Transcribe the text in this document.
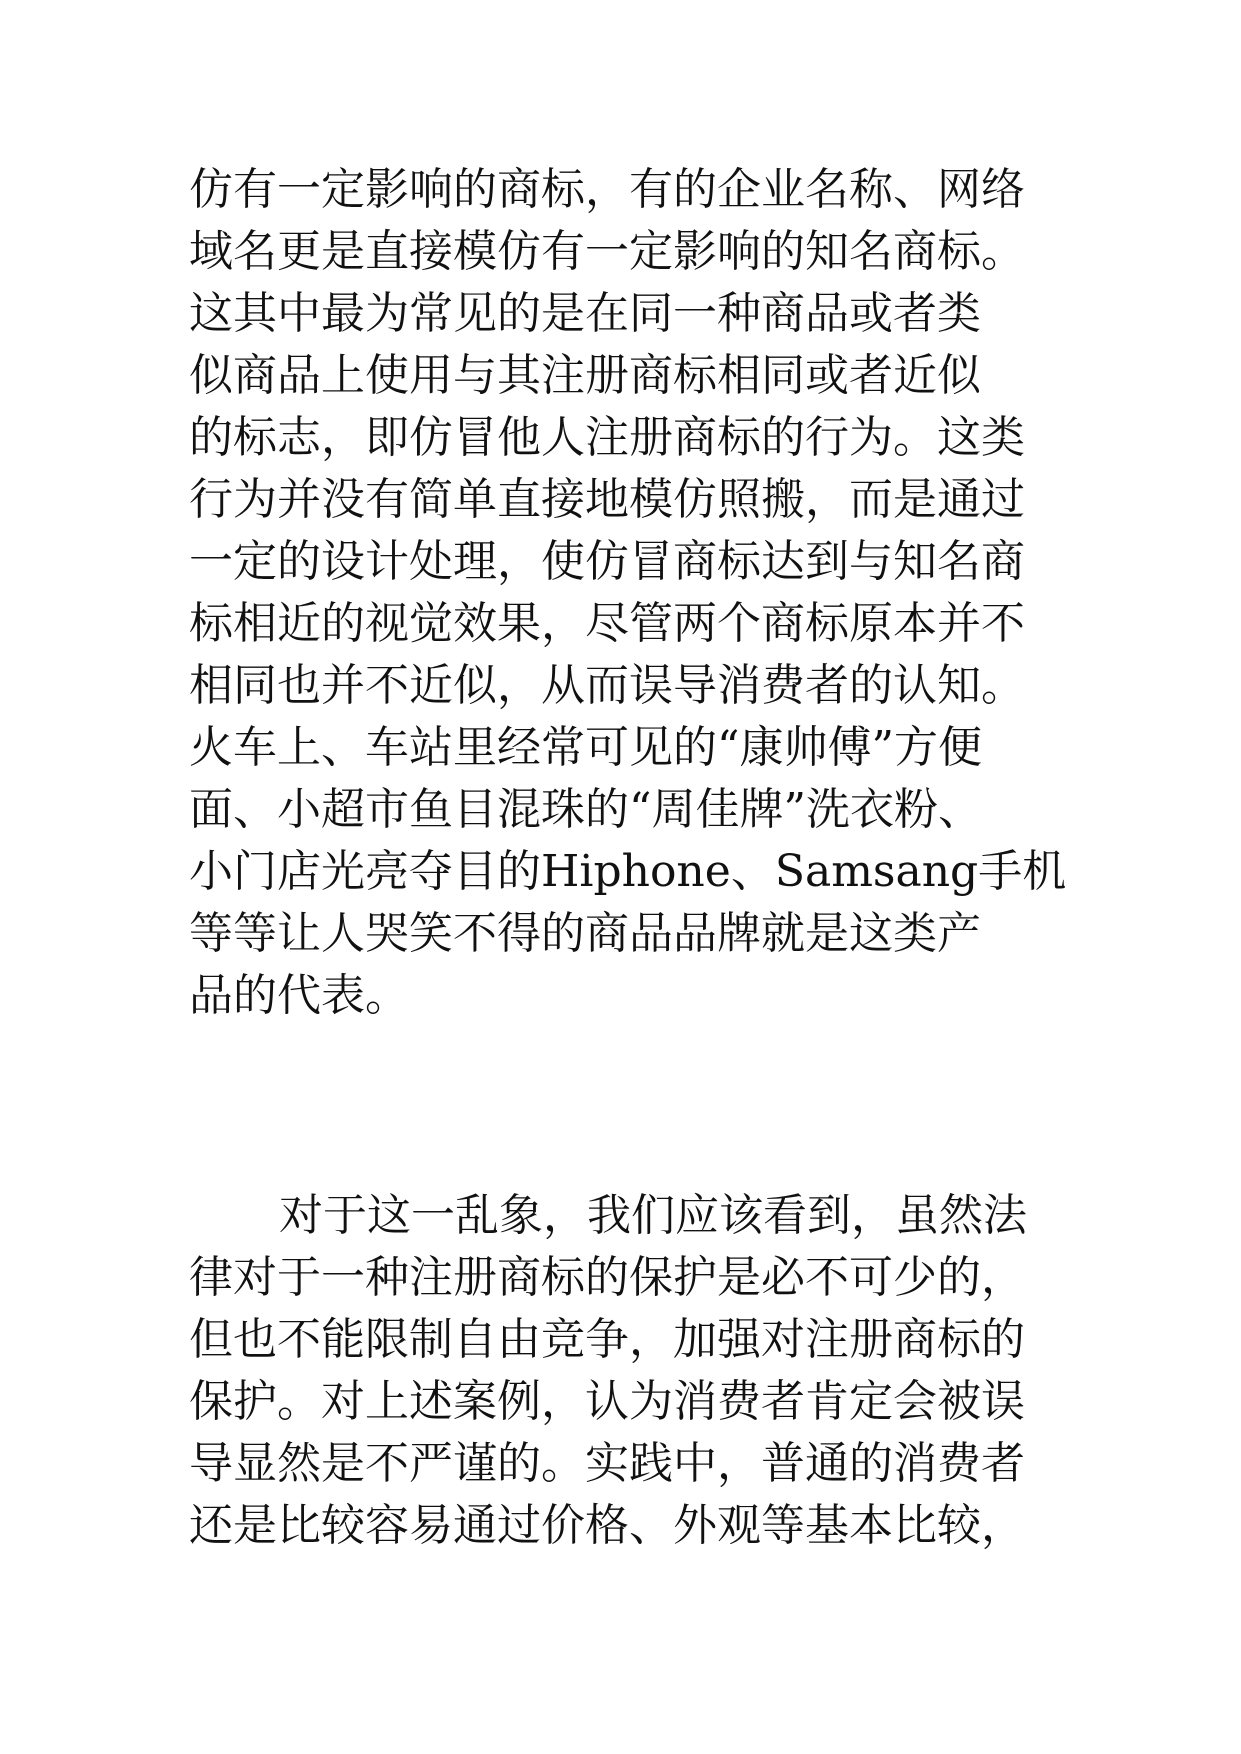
仿有一定影响的商标，有的企业名称、网络
域名更是直接模仿有一定影响的知名商标。
这其中最为常见的是在同一种商品或者类
似商品上使用与其注册商标相同或者近似
的标志，即仿冒他人注册商标的行为。这类
行为并没有简单直接地模仿照搬，而是通过
一定的设计处理，使仿冒商标达到与知名商
标相近的视觉效果，尽管两个商标原本并不
相同也并不近似，从而误导消费者的认知。
火车上、车站里经常可见的“康帅傅”方便
面、小超市鱼目混珠的“周佳牌”洗衣粉、
小门店光亮夺目的Hiphone、Samsang手机
等等让人哭笑不得的商品品牌就是这类产
品的代表。
对于这一乱象，我们应该看到，虽然法
律对于一种注册商标的保护是必不可少的，
但也不能限制自由竞争，加强对注册商标的
保护。对上述案例，认为消费者肯定会被误
导显然是不严谨的。实践中，普通的消费者
还是比较容易通过价格、外观等基本比较，
